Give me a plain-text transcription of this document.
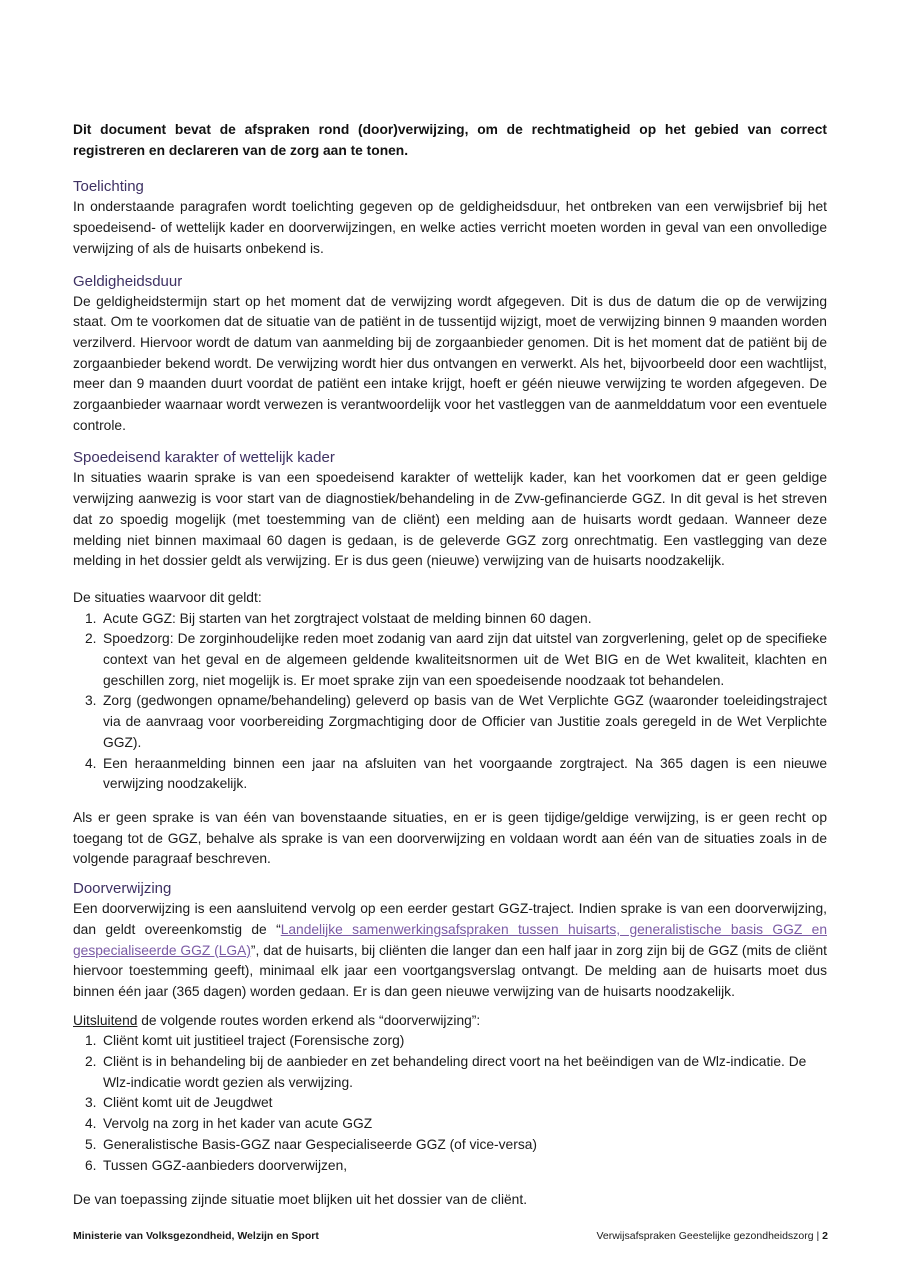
Dit document bevat de afspraken rond (door)verwijzing, om de rechtmatigheid op het gebied van correct registreren en declareren van de zorg aan te tonen.

Toelichting

In onderstaande paragrafen wordt toelichting gegeven op de geldigheidsduur, het ontbreken van een verwijsbrief bij het spoedeisend- of wettelijk kader en doorverwijzingen, en welke acties verricht moeten worden in geval van een onvolledige verwijzing of als de huisarts onbekend is.

Geldigheidsduur

De geldigheidstermijn start op het moment dat de verwijzing wordt afgegeven. Dit is dus de datum die op de verwijzing staat. Om te voorkomen dat de situatie van de patiënt in de tussentijd wijzigt, moet de verwijzing binnen 9 maanden worden verzilverd. Hiervoor wordt de datum van aanmelding bij de zorgaanbieder genomen. Dit is het moment dat de patiënt bij de zorgaanbieder bekend wordt. De verwijzing wordt hier dus ontvangen en verwerkt. Als het, bijvoorbeeld door een wachtlijst, meer dan 9 maanden duurt voordat de patiënt een intake krijgt, hoeft er géén nieuwe verwijzing te worden afgegeven. De zorgaanbieder waarnaar wordt verwezen is verantwoordelijk voor het vastleggen van de aanmelddatum voor een eventuele controle.

Spoedeisend karakter of wettelijk kader

In situaties waarin sprake is van een spoedeisend karakter of wettelijk kader, kan het voorkomen dat er geen geldige verwijzing aanwezig is voor start van de diagnostiek/behandeling in de Zvw-gefinancierde GGZ. In dit geval is het streven dat zo spoedig mogelijk (met toestemming van de cliënt) een melding aan de huisarts wordt gedaan. Wanneer deze melding niet binnen maximaal 60 dagen is gedaan, is de geleverde GGZ zorg onrechtmatig. Een vastlegging van deze melding in het dossier geldt als verwijzing. Er is dus geen (nieuwe) verwijzing van de huisarts noodzakelijk.

De situaties waarvoor dit geldt:

1. Acute GGZ: Bij starten van het zorgtraject volstaat de melding binnen 60 dagen.
2. Spoedzorg: De zorginhoudelijke reden moet zodanig van aard zijn dat uitstel van zorgverlening, gelet op de specifieke context van het geval en de algemeen geldende kwaliteitsnormen uit de Wet BIG en de Wet kwaliteit, klachten en geschillen zorg, niet mogelijk is. Er moet sprake zijn van een spoedeisende noodzaak tot behandelen.
3. Zorg (gedwongen opname/behandeling) geleverd op basis van de Wet Verplichte GGZ (waaronder toeleidingstraject via de aanvraag voor voorbereiding Zorgmachtiging door de Officier van Justitie zoals geregeld in de Wet Verplichte GGZ).
4. Een heraanmelding binnen een jaar na afsluiten van het voorgaande zorgtraject. Na 365 dagen is een nieuwe verwijzing noodzakelijk.

Als er geen sprake is van één van bovenstaande situaties, en er is geen tijdige/geldige verwijzing, is er geen recht op toegang tot de GGZ, behalve als sprake is van een doorverwijzing en voldaan wordt aan één van de situaties zoals in de volgende paragraaf beschreven.

Doorverwijzing

Een doorverwijzing is een aansluitend vervolg op een eerder gestart GGZ-traject. Indien sprake is van een doorverwijzing, dan geldt overeenkomstig de “Landelijke samenwerkingsafspraken tussen huisarts, generalistische basis GGZ en gespecialiseerde GGZ (LGA)”, dat de huisarts, bij cliënten die langer dan een half jaar in zorg zijn bij de GGZ (mits de cliënt hiervoor toestemming geeft), minimaal elk jaar een voortgangsverslag ontvangt. De melding aan de huisarts moet dus binnen één jaar (365 dagen) worden gedaan. Er is dan geen nieuwe verwijzing van de huisarts noodzakelijk.

Uitsluitend de volgende routes worden erkend als “doorverwijzing”:

1. Cliënt komt uit justitieel traject (Forensische zorg)
2. Cliënt is in behandeling bij de aanbieder en zet behandeling direct voort na het beëindigen van de Wlz-indicatie. De Wlz-indicatie wordt gezien als verwijzing.
3. Cliënt komt uit de Jeugdwet
4. Vervolg na zorg in het kader van acute GGZ
5. Generalistische Basis-GGZ naar Gespecialiseerde GGZ (of vice-versa)
6. Tussen GGZ-aanbieders doorverwijzen,

De van toepassing zijnde situatie moet blijken uit het dossier van de cliënt.

Ministerie van Volksgezondheid, Welzijn en Sport	Verwijsafspraken Geestelijke gezondheidszorg | 2
